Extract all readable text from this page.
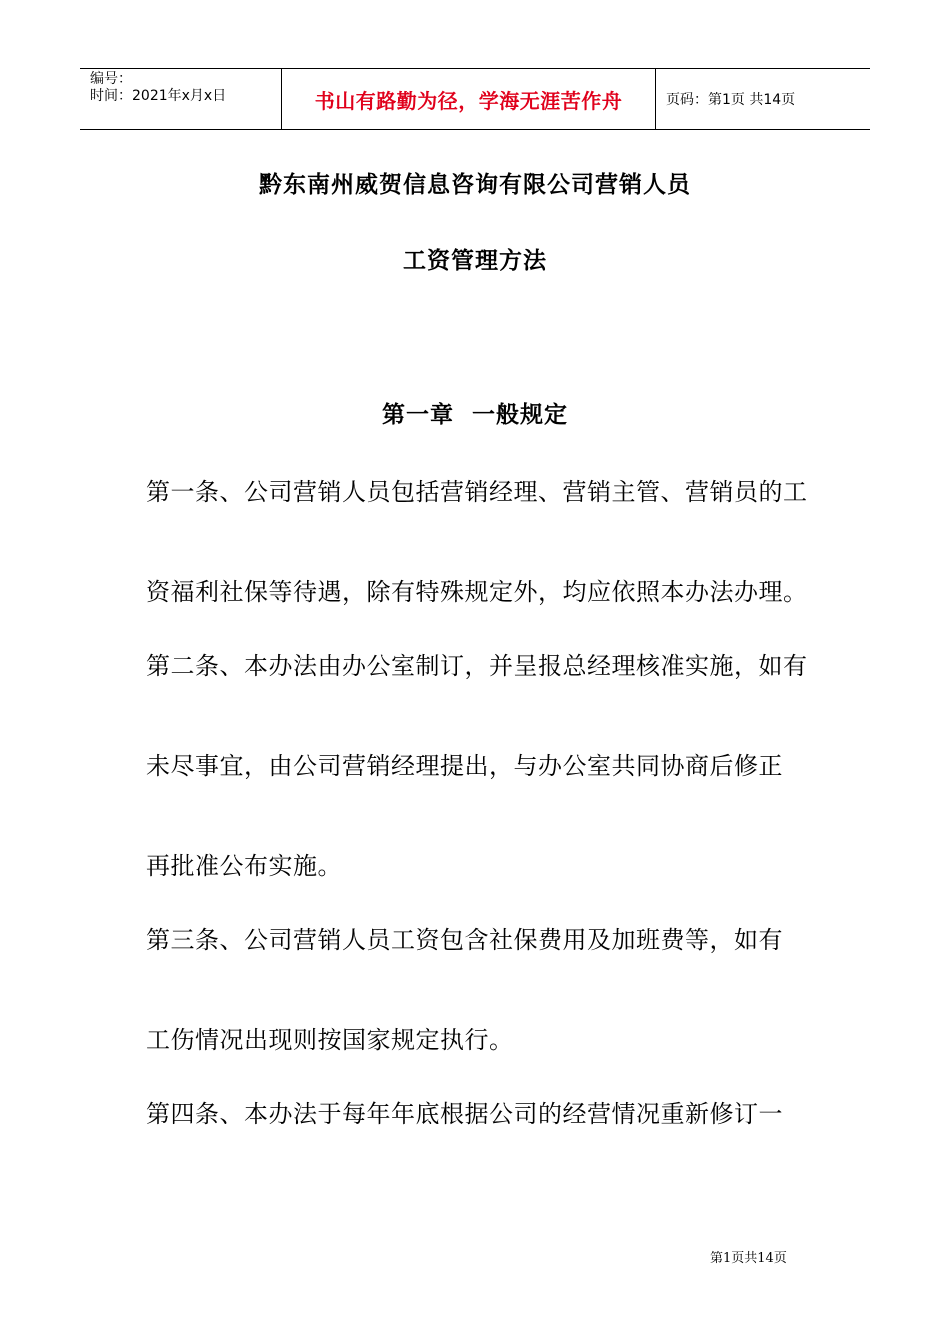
编号：
时间：2021年x月x日	书山有路勤为径，学海无涯苦作舟	页码：第1页 共14页
黔东南州威贺信息咨询有限公司营销人员
工资管理方法
第一章  一般规定
第一条、公司营销人员包括营销经理、营销主管、营销员的工
资福利社保等待遇，除有特殊规定外，均应依照本办法办理。
第二条、本办法由办公室制订，并呈报总经理核准实施，如有
未尽事宜，由公司营销经理提出，与办公室共同协商后修正
再批准公布实施。
第三条、公司营销人员工资包含社保费用及加班费等，如有
工伤情况出现则按国家规定执行。
第四条、本办法于每年年底根据公司的经营情况重新修订一
第1页共14页
